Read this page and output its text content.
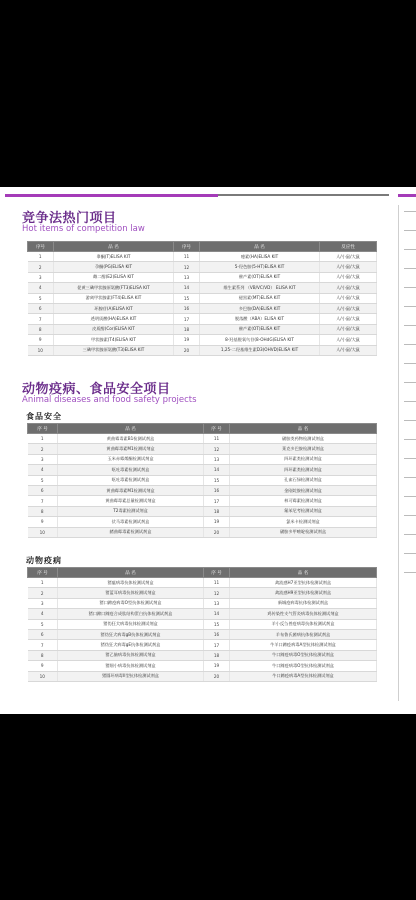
竞争法热门项目
Hot items of competition law
序号	品 名	序号	品 名	反应性
1	睾酮(T)ELISA KIT	11	瘦素(HA)ELISA KIT	人/小鼠/大鼠
2	孕酮(PG)ELISA KIT	12	5-羟色胺(5-HT)ELISA KIT	人/小鼠/大鼠
3	雌二醇(E2)ELISA KIT	13	催产素(OT)ELISA KIT	人/小鼠/大鼠
4	促黄三碘甲状腺原氨酸(FT3)ELISA KIT	14	维生素系列 （VB/VC/VD） ELISA KIT	人/小鼠/大鼠
5	游离甲状腺素(FT4)ELISA KIT	15	褪黑素(MT)ELISA KIT	人/小鼠/大鼠
6	环腺苷(A)ELISA KIT	16	多巴胺(DA)ELISA KIT	人/小鼠/大鼠
7	透明质酸(HA)ELISA KIT	17	脱落酸（ABA）ELISA KIT	人/小鼠/大鼠
8	皮质醇(Cor)ELISA KIT	18	催产素(OT)ELISA KIT	人/小鼠/大鼠
9	甲状腺素(T4)ELISA KIT	19	8-羟基脱氧鸟苷(8-OHdG)ELISA KIT	人/小鼠/大鼠
10	三碘甲状腺原氨酸(T3)ELISA KIT	20	1,25-二羟基维生素D3(OHVD)ELISA KIT	人/小鼠/大鼠
动物疫病、食品安全项目
Animal diseases and food safety projects
食品安全
序 号	品 名	序 号	品 名
1	黄曲霉毒素B1检测试剂盒	11	磺胺类药物检测试剂盒
2	黄曲霉毒素M1检测试剂盒	12	莱克多巴胺检测试剂盒
3	玉米赤霉烯酮检测试剂盒	13	四环素类检测试剂盒
4	呕吐毒素检测试剂盒	14	四环素类检测试剂盒
5	呕吐毒素检测试剂盒	15	孔雀石绿检测试剂盒
6	黄曲霉毒素M1检测试剂盒	16	金刚烷胺检测试剂盒
7	黄曲霉毒素总量检测试剂盒	17	林可霉素检测试剂盒
8	T2毒素检测试剂盒	18	氟苯尼考检测试剂盒
9	伏马毒素检测试剂盒	19	氯米卡检测试剂盒
10	赭曲霉毒素检测试剂盒	20	磺胺多甲嘧啶检测试剂盒
动物疫病
序 号	品 名	序 号	品 名
1	猪瘟病毒抗体检测试剂盒	11	禽流感H7亚型抗体检测试剂盒
2	猪蓝耳病毒抗体检测试剂盒	12	禽流感H9亚型抗体检测试剂盒
3	猪口蹄疫病毒O型抗体检测试剂盒	13	新城疫病毒抗体检测试剂盒
4	猪口蹄口蹄疫合成肽结构蛋白抗体检测试剂盒	14	鸡传染性支气管炎病毒抗体检测试剂盒
5	猪伪狂犬病毒抗体检测试剂盒	15	羊小反刍兽疫病毒抗体检测试剂盒
6	猪伪狂犬病毒gB抗体检测试剂盒	16	羊布鲁氏菌病抗体检测试剂盒
7	猪伪狂犬病毒gE抗体检测试剂盒	17	牛羊口蹄疫病毒A型抗体检测试剂盒
8	猪乙脑病毒抗体检测试剂盒	18	牛口蹄疫病毒O型抗体检测试剂盒
9	猪细小病毒抗体检测试剂盒	19	牛口蹄疫病毒O型抗体检测试剂盒
10	猪圆环病毒II型抗体检测试剂盒	20	牛口蹄疫病毒A型抗体检测试剂盒
